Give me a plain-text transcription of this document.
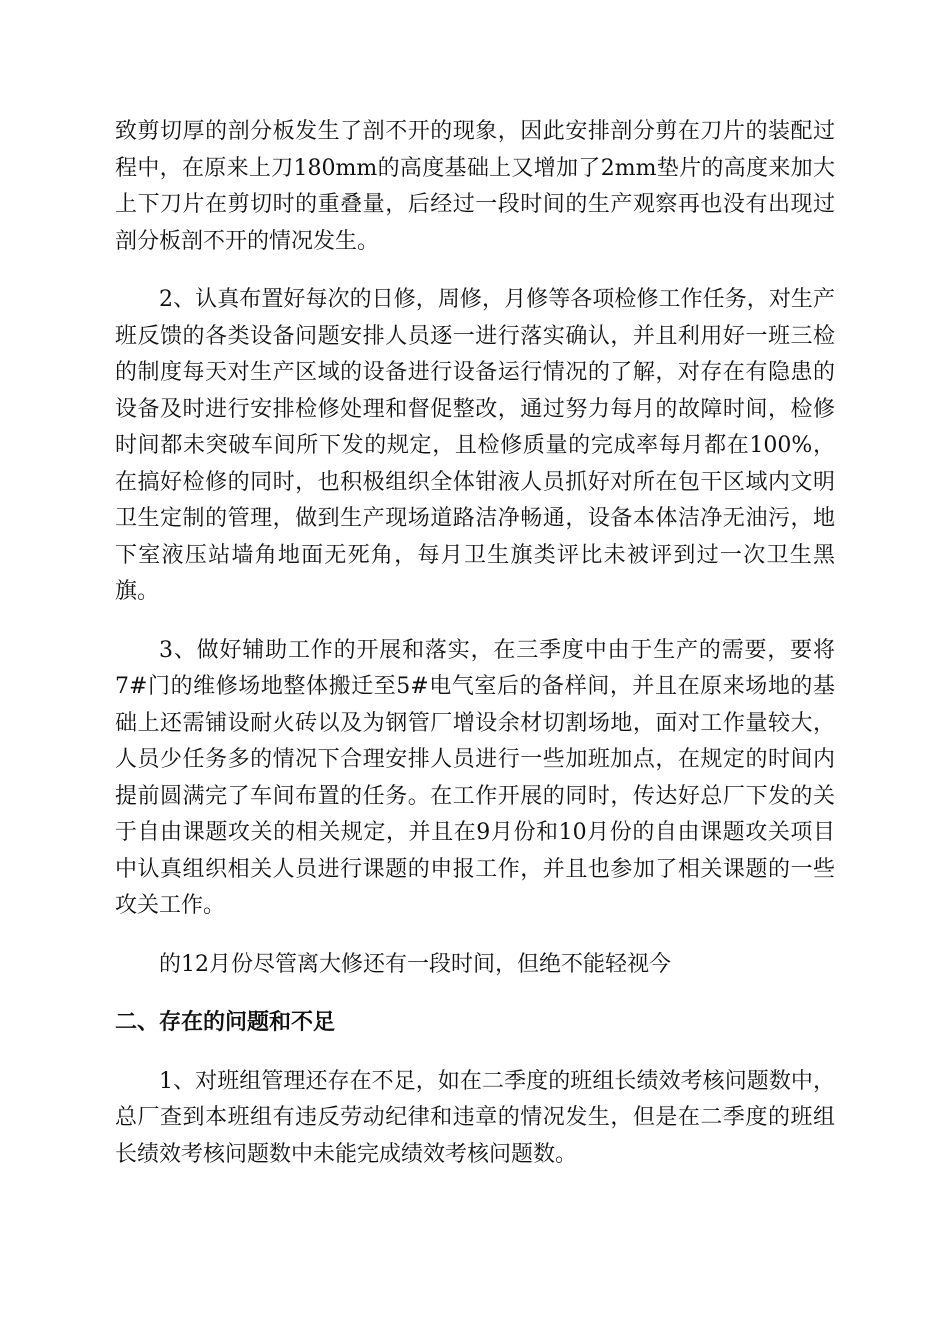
致剪切厚的剖分板发生了剖不开的现象，因此安排剖分剪在刀片的装配过程中，在原来上刀180mm的高度基础上又增加了2mm垫片的高度来加大上下刀片在剪切时的重叠量，后经过一段时间的生产观察再也没有出现过剖分板剖不开的情况发生。

2、认真布置好每次的日修，周修，月修等各项检修工作任务，对生产班反馈的各类设备问题安排人员逐一进行落实确认，并且利用好一班三检的制度每天对生产区域的设备进行设备运行情况的了解，对存在有隐患的设备及时进行安排检修处理和督促整改，通过努力每月的故障时间，检修时间都未突破车间所下发的规定，且检修质量的完成率每月都在100%，在搞好检修的同时，也积极组织全体钳液人员抓好对所在包干区域内文明卫生定制的管理，做到生产现场道路洁净畅通，设备本体洁净无油污，地下室液压站墙角地面无死角，每月卫生旗类评比未被评到过一次卫生黑旗。

3、做好辅助工作的开展和落实，在三季度中由于生产的需要，要将7#门的维修场地整体搬迁至5#电气室后的备样间，并且在原来场地的基础上还需铺设耐火砖以及为钢管厂增设余材切割场地，面对工作量较大，人员少任务多的情况下合理安排人员进行一些加班加点，在规定的时间内提前圆满完了车间布置的任务。在工作开展的同时，传达好总厂下发的关于自由课题攻关的相关规定，并且在9月份和10月份的自由课题攻关项目中认真组织相关人员进行课题的申报工作，并且也参加了相关课题的一些攻关工作。

的12月份尽管离大修还有一段时间，但绝不能轻视今

二、存在的问题和不足

1、对班组管理还存在不足，如在二季度的班组长绩效考核问题数中，总厂查到本班组有违反劳动纪律和违章的情况发生，但是在二季度的班组长绩效考核问题数中未能完成绩效考核问题数。
